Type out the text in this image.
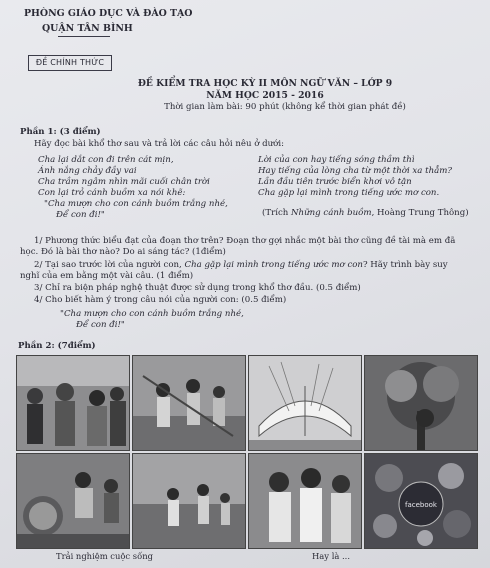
PHÒNG GIÁO DỤC VÀ ĐÀO TẠO
QUẬN TÂN BÌNH
ĐỀ CHÍNH THỨC
ĐỀ KIỂM TRA HỌC KỲ II MÔN NGỮ VĂN – LỚP 9
NĂM HỌC 2015 - 2016
Thời gian làm bài: 90 phút (không kể thời gian phát đề)
Phần 1: (3 điểm)
Hãy đọc bài khổ thơ sau và trả lời các câu hỏi nêu ở dưới:
Cha lại dắt con đi trên cát mịn,
Ánh nắng chảy đầy vai
Cha trầm ngâm nhìn mãi cuối chân trời
Con lại trỏ cánh buồm xa nói khẽ:
"Cha mượn cho con cánh buồm trắng nhé,
Để con đi!"
Lời của con hay tiếng sóng thầm thì
Hay tiếng của lòng cha từ một thời xa thẳm?
Lần đầu tiên trước biển khơi vô tận
Cha gặp lại mình trong tiếng ước mơ con.
(Trích Những cánh buồm, Hoàng Trung Thông)
1/ Phương thức biểu đạt của đoạn thơ trên? Đoạn thơ gợi nhắc một bài thơ cũng đề tài mà em đã
học. Đó là bài thơ nào? Do ai sáng tác? (1điểm)
2/ Tại sao trước lời của người con, Cha gặp lại mình trong tiếng ước mơ con? Hãy trình bày suy
nghĩ của em bằng một vài câu. (1 điểm)
3/ Chỉ ra biện pháp nghệ thuật được sử dụng trong khổ thơ đầu. (0.5 điểm)
4/ Cho biết hàm ý trong câu nói của người con: (0.5 điểm)
"Cha mượn cho con cánh buồm trắng nhé,
Để con đi!"
Phần 2: (7điểm)
facebook
Trải nghiệm cuộc sống	Hay là ...
